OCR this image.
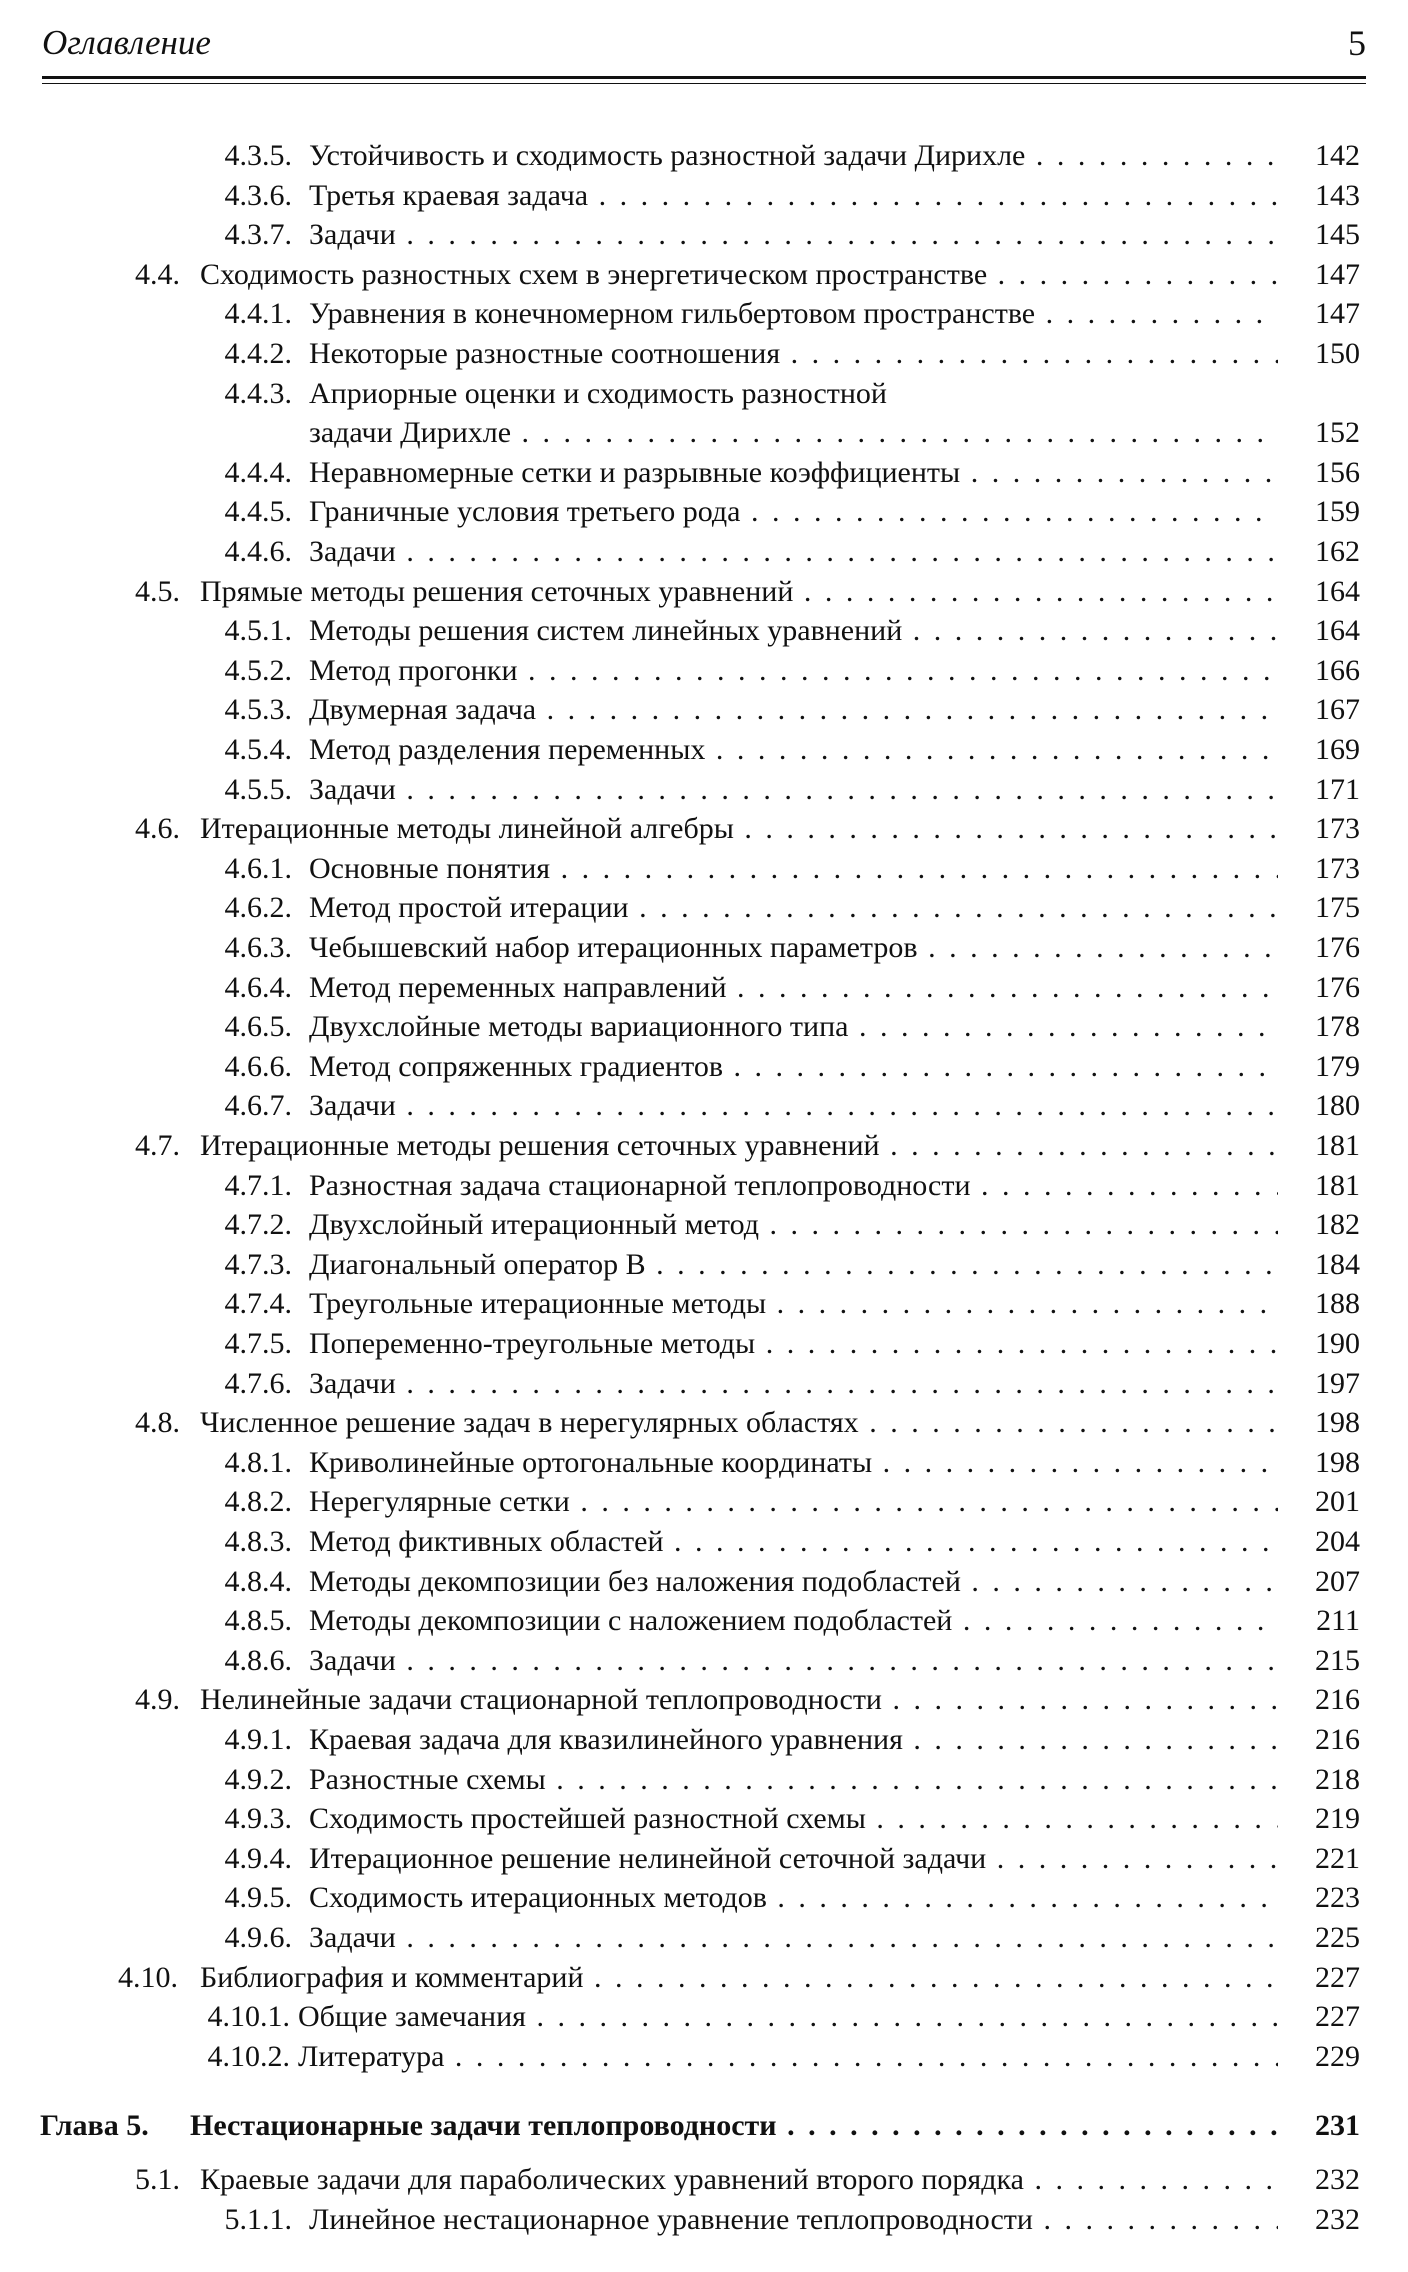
Оглавление	5
4.3.5. Устойчивость и сходимость разностной задачи Дирихле . . .	142
4.3.6. Третья краевая задача . . .	143
4.3.7. Задачи . . .	145
4.4. Сходимость разностных схем в энергетическом пространстве . . .	147
4.4.1. Уравнения в конечномерном гильбертовом пространстве . . .	147
4.4.2. Некоторые разностные соотношения . . .	150
4.4.3. Априорные оценки и сходимость разностной
задачи Дирихле . . .	152
4.4.4. Неравномерные сетки и разрывные коэффициенты . . .	156
4.4.5. Граничные условия третьего рода . . .	159
4.4.6. Задачи . . .	162
4.5. Прямые методы решения сеточных уравнений . . .	164
4.5.1. Методы решения систем линейных уравнений . . .	164
4.5.2. Метод прогонки . . .	166
4.5.3. Двумерная задача . . .	167
4.5.4. Метод разделения переменных . . .	169
4.5.5. Задачи . . .	171
4.6. Итерационные методы линейной алгебры . . .	173
4.6.1. Основные понятия . . .	173
4.6.2. Метод простой итерации . . .	175
4.6.3. Чебышевский набор итерационных параметров . . .	176
4.6.4. Метод переменных направлений . . .	176
4.6.5. Двухслойные методы вариационного типа . . .	178
4.6.6. Метод сопряженных градиентов . . .	179
4.6.7. Задачи . . .	180
4.7. Итерационные методы решения сеточных уравнений . . .	181
4.7.1. Разностная задача стационарной теплопроводности . . .	181
4.7.2. Двухслойный итерационный метод . . .	182
4.7.3. Диагональный оператор B . . .	184
4.7.4. Треугольные итерационные методы . . .	188
4.7.5. Попеременно-треугольные методы . . .	190
4.7.6. Задачи . . .	197
4.8. Численное решение задач в нерегулярных областях . . .	198
4.8.1. Криволинейные ортогональные координаты . . .	198
4.8.2. Нерегулярные сетки . . .	201
4.8.3. Метод фиктивных областей . . .	204
4.8.4. Методы декомпозиции без наложения подобластей . . .	207
4.8.5. Методы декомпозиции с наложением подобластей . . .	211
4.8.6. Задачи . . .	215
4.9. Нелинейные задачи стационарной теплопроводности . . .	216
4.9.1. Краевая задача для квазилинейного уравнения . . .	216
4.9.2. Разностные схемы . . .	218
4.9.3. Сходимость простейшей разностной схемы . . .	219
4.9.4. Итерационное решение нелинейной сеточной задачи . . .	221
4.9.5. Сходимость итерационных методов . . .	223
4.9.6. Задачи . . .	225
4.10. Библиография и комментарий . . .	227
4.10.1. Общие замечания . . .	227
4.10.2. Литература . . .	229
Глава 5.	Нестационарные задачи теплопроводности . . .	231
5.1. Краевые задачи для параболических уравнений второго порядка . . .	232
5.1.1. Линейное нестационарное уравнение теплопроводности . . .	232
